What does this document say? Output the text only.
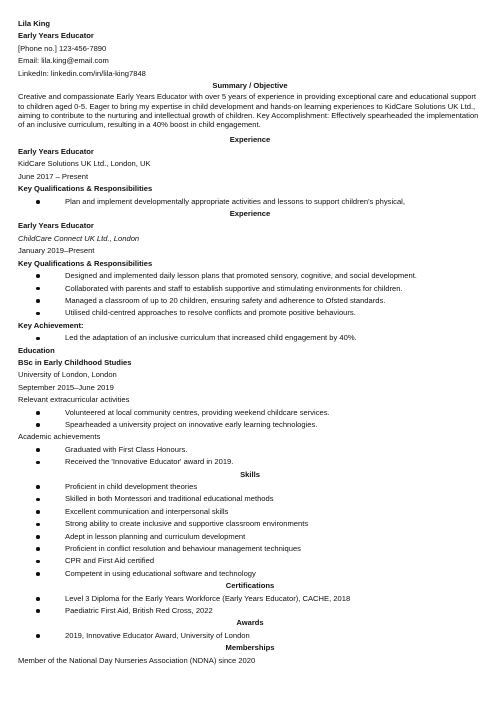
Lila King
Early Years Educator
[Phone no.] 123-456-7890
Email: lila.king@email.com
LinkedIn: linkedin.com/in/lila-king7848
Summary / Objective
Creative and compassionate Early Years Educator with over 5 years of experience in providing exceptional care and educational support to children aged 0-5. Eager to bring my expertise in child development and hands-on learning experiences to KidCare Solutions UK Ltd., aiming to contribute to the nurturing and intellectual growth of children. Key Accomplishment: Effectively spearheaded the implementation of an inclusive curriculum, resulting in a 40% boost in child engagement.
Experience
Early Years Educator
KidCare Solutions UK Ltd., London, UK
June 2017 – Present
Key Qualifications & Responsibilities
Plan and implement developmentally appropriate activities and lessons to support children's physical,
Experience
Early Years Educator
ChildCare Connect UK Ltd., London
January 2019–Present
Key Qualifications & Responsibilities
Designed and implemented daily lesson plans that promoted sensory, cognitive, and social development.
Collaborated with parents and staff to establish supportive and stimulating environments for children.
Managed a classroom of up to 20 children, ensuring safety and adherence to Ofsted standards.
Utilised child-centred approaches to resolve conflicts and promote positive behaviours.
Key Achievement:
Led the adaptation of an inclusive curriculum that increased child engagement by 40%.
Education
BSc in Early Childhood Studies
University of London, London
September 2015–June 2019
Relevant extracurricular activities
Volunteered at local community centres, providing weekend childcare services.
Spearheaded a university project on innovative early learning technologies.
Academic achievements
Graduated with First Class Honours.
Received the 'Innovative Educator' award in 2019.
Skills
Proficient in child development theories
Skilled in both Montessori and traditional educational methods
Excellent communication and interpersonal skills
Strong ability to create inclusive and supportive classroom environments
Adept in lesson planning and curriculum development
Proficient in conflict resolution and behaviour management techniques
CPR and First Aid certified
Competent in using educational software and technology
Certifications
Level 3 Diploma for the Early Years Workforce (Early Years Educator), CACHE, 2018
Paediatric First Aid, British Red Cross, 2022
Awards
2019, Innovative Educator Award, University of London
Memberships
Member of the National Day Nurseries Association (NDNA) since 2020
